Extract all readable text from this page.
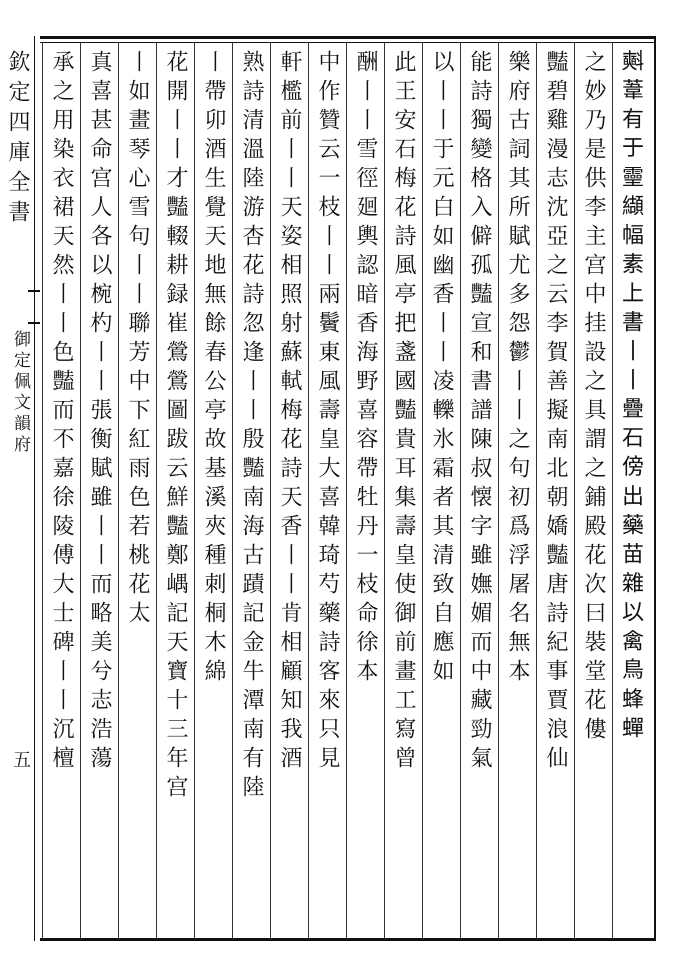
欽定四庫全書
御定佩文韻府
五
𣂏葦有于𤫊纈幅素上書丨丨疊石傍出藥苗雜以禽鳥蜂蟬
之妙乃是供李主宫中挂設之具謂之鋪殿花次曰裝堂花僂
豔碧雞漫志沈亞之云李賀善擬南北朝嬌豔唐詩紀事賈浪仙
樂府古詞其所賦尤多怨鬱丨丨之句初爲浮屠名無本
能詩獨變格入僻孤豔宣和書譜陳叔懐字雖嫵媚而中藏勁氣
以丨丨于元白如幽香丨丨凌轢氷霜者其清致自應如
此王安石梅花詩風亭把盞國豔貴耳集壽皇使御前畫工寫曾
酬丨丨雪徑廻輿認暗香海野喜容帶牡丹一枝命徐本
中作贊云一枝丨丨兩鬢東風壽皇大喜韓琦芍藥詩客來只見
軒檻前丨丨天姿相照射蘇軾梅花詩天香丨丨肯相顧知我酒
熟詩清溫陸游杏花詩忽逢丨丨殷豔南海古蹟記金牛潭南有陸
丨帶卯酒生覺天地無餘春公亭故基溪夾種刺桐木綿
花開丨丨才豔輟耕録崔鶯鶯圖跋云鮮豔鄭嵎記天寶十三年宫
丨如畫琴心雪句丨丨聯芳中下紅雨色若桃花太
真喜甚命宫人各以椀杓丨丨張衡賦雖丨丨而略美兮志浩蕩
承之用染衣裙天然丨丨色豔而不嘉徐陵傅大士碑丨丨沉檀
